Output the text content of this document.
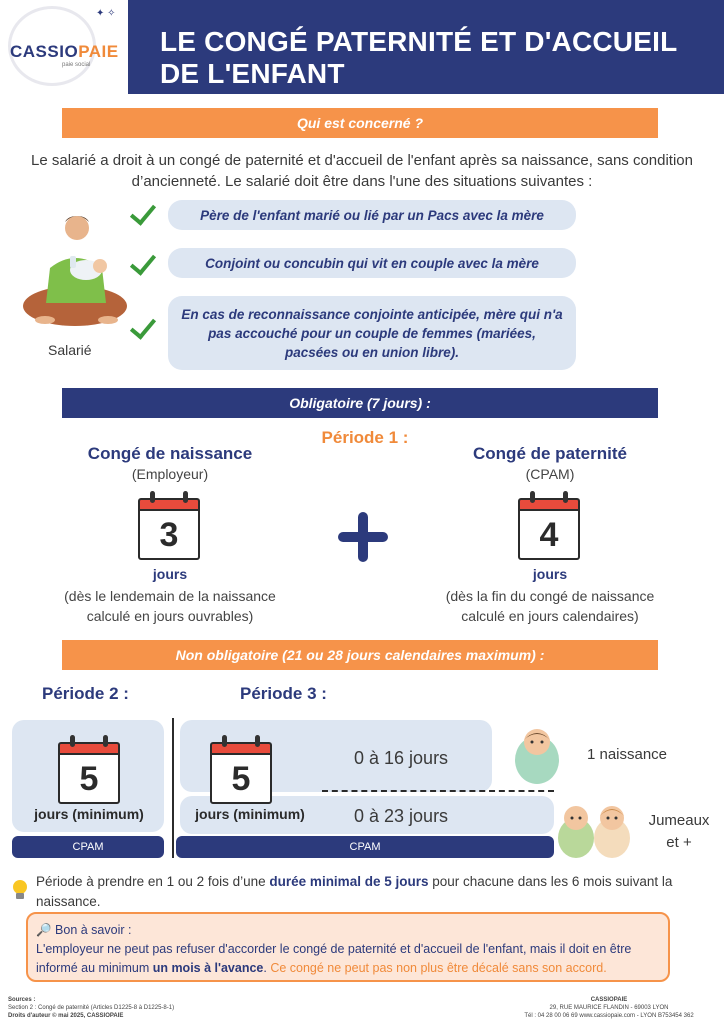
✦ ✧
CASSIOPAIE
paie social
LE CONGÉ PATERNITÉ ET D'ACCUEIL DE L'ENFANT
Qui est concerné ?
Le salarié a droit à un congé de paternité et d'accueil de l'enfant après sa naissance, sans condition d’ancienneté. Le salarié doit être dans l'une des situations suivantes :
Salarié
Père de l'enfant marié ou lié par un Pacs avec la mère
Conjoint ou concubin qui vit en couple avec la mère
En cas de reconnaissance conjointe anticipée, mère qui n'a pas accouché pour un couple de femmes (mariées, pacsées ou en union libre).
Obligatoire (7 jours) :
Période 1 :
Congé de naissance
(Employeur)
3
jours
(dès le lendemain de la naissance
calculé en jours ouvrables)
Congé de paternité
(CPAM)
4
jours
(dès la fin du congé de naissance
calculé en jours calendaires)
Non obligatoire (21 ou 28 jours calendaires maximum) :
Période 2 :	Période 3 :
5
jours (minimum)
CPAM
5
jours (minimum)
0 à 16 jours
0 à 23 jours
CPAM
1 naissance
Jumeaux
et +
Période à prendre en 1 ou 2 fois d’une durée minimal de 5 jours pour chacune dans les 6 mois suivant la naissance.
🔎 Bon à savoir :
L'employeur ne peut pas refuser d'accorder le congé de paternité et d'accueil de l'enfant, mais il doit en être informé au minimum un mois à l'avance. Ce congé ne peut pas non plus être décalé sans son accord.
Sources :
Section 2 : Congé de paternité (Articles D1225-8 à D1225-8-1)
Droits d'auteur © mai 2025, CASSIOPAIE
CASSIOPAIE
29, RUE MAURICE FLANDIN - 69003 LYON
Tél : 04 28 00 06 69 www.cassiopaie.com - LYON B753454 362
